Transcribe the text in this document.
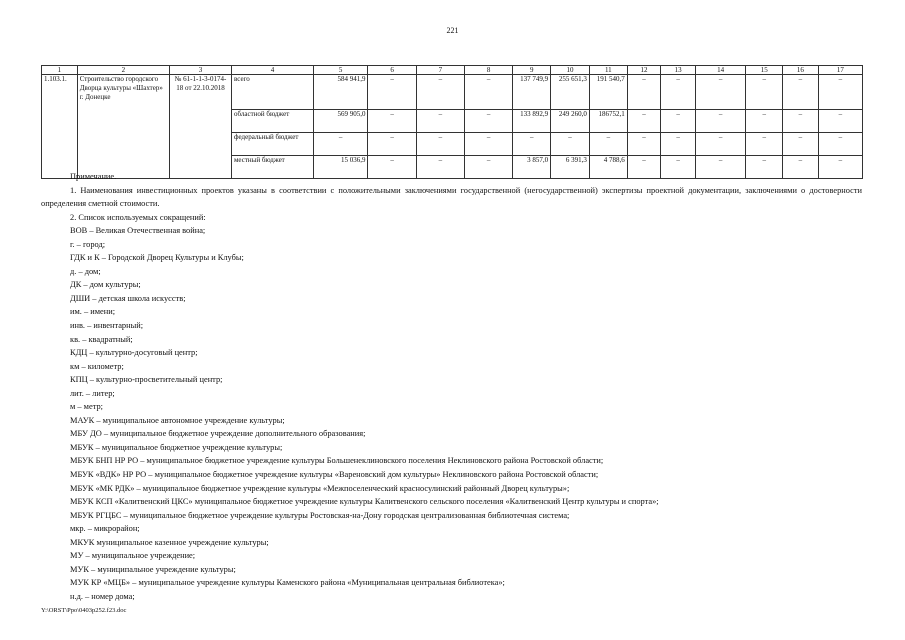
221
1	2	3	4	5	6	7	8	9	10	11	12	13	14	15	16	17
1.103.1.	Строительство городского Дворца культуры «Шахтер» г. Донецке	№ 61-1-1-3-0174-18 от 22.10.2018	всего	584 941,9	–	–	–	137 749,9	255 651,3	191 540,7	–	–	–	–	–	–
			областной бюджет	569 905,0	–	–	–	133 892,9	249 260,0	186752,1	–	–	–	–	–	–
			федеральный бюджет	–	–	–	–	–	–	–	–	–	–	–	–	–
			местный бюджет	15 036,9	–	–	–	3 857,0	6 391,3	4 788,6	–	–	–	–	–	–

Примечание.

1. Наименования инвестиционных проектов указаны в соответствии с положительными заключениями государственной (негосударственной) экспертизы проектной документации, заключениями о достоверности определения сметной стоимости.

2. Список используемых сокращений:

ВОВ – Великая Отечественная война;

г. – город;

ГДК и К – Городской Дворец Культуры и Клубы;

д. – дом;

ДК – дом культуры;

ДШИ – детская школа искусств;

им. – имени;

инв. – инвентарный;

кв. – квадратный;

КДЦ – культурно-досуговый центр;

км – километр;

КПЦ – культурно-просветительный центр;

лит. – литер;

м – метр;

МАУК – муниципальное автономное учреждение культуры;

МБУ ДО – муниципальное бюджетное учреждение дополнительного образования;

МБУК – муниципальное бюджетное учреждение культуры;

МБУК БНП НР РО – муниципальное бюджетное учреждение культуры Большенеклиновского поселения Неклиновского района Ростовской области;

МБУК «ВДК» НР РО – муниципальное бюджетное учреждение культуры «Вареновский дом культуры» Неклиновского района Ростовской области;

МБУК «МК РДК» – муниципальное бюджетное учреждение культуры «Межпоселенческий красносулинский районный Дворец культуры»;

МБУК КСП «Калитвенский ЦКС» муниципальное бюджетное учреждение культуры Калитвенского сельского поселения «Калитвенский Центр культуры и спорта»;

МБУК РГЦБС – муниципальное бюджетное учреждение культуры Ростовская-на-Дону городская централизованная библиотечная система;

мкр. – микрорайон;

МКУК муниципальное казенное учреждение культуры;

МУ – муниципальное учреждение;

МУК – муниципальное учреждение культуры;

МУК КР «МЦБ» – муниципальное учреждение культуры Каменского района «Муниципальная центральная библиотека»;

н.д. – номер дома;

Y:\ORST\Ppo\0403p252.f23.doc
